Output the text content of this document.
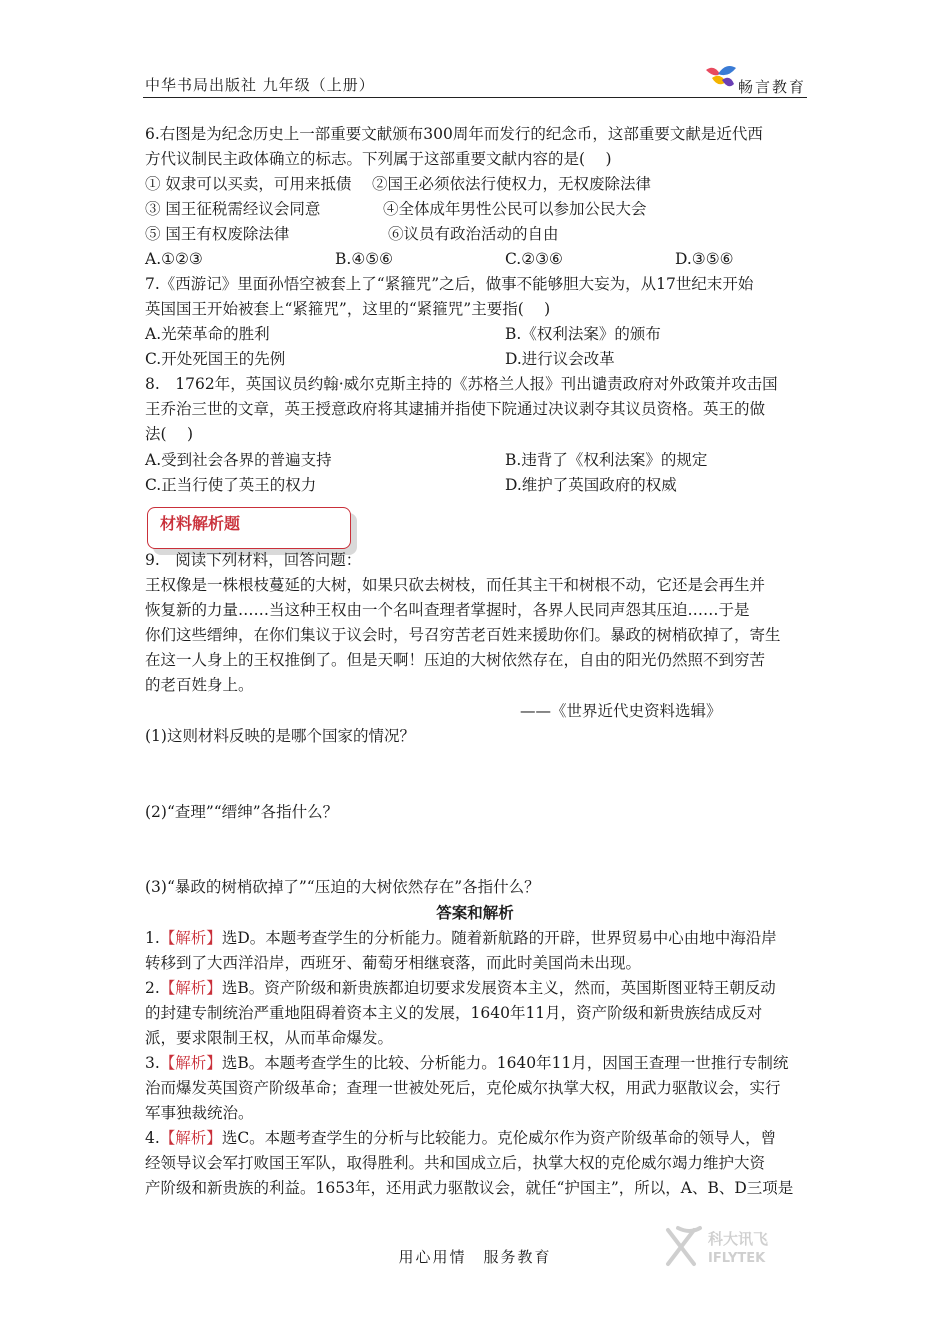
中华书局出版社 九年级（上册）	畅言教育
6.右图是为纪念历史上一部重要文献颁布300周年而发行的纪念币，这部重要文献是近代西
方代议制民主政体确立的标志。下列属于这部重要文献内容的是(　 )
① 奴隶可以买卖，可用来抵债 ②国王必须依法行使权力，无权废除法律
③ 国王征税需经议会同意	④全体成年男性公民可以参加公民大会
⑤ 国王有权废除法律	⑥议员有政治活动的自由
A.①②③	B.④⑤⑥	C.②③⑥	D.③⑤⑥
7.《西游记》里面孙悟空被套上了“紧箍咒”之后，做事不能够胆大妄为，从17世纪末开始
英国国王开始被套上“紧箍咒”，这里的“紧箍咒”主要指(　 )
A.光荣革命的胜利	B.《权利法案》的颁布
C.开处死国王的先例	D.进行议会改革
8.　1762年，英国议员约翰·威尔克斯主持的《苏格兰人报》刊出谴责政府对外政策并攻击国
王乔治三世的文章，英王授意政府将其逮捕并指使下院通过决议剥夺其议员资格。英王的做
法(　 )
A.受到社会各界的普遍支持	B.违背了《权利法案》的规定
C.正当行使了英王的权力	D.维护了英国政府的权威
材料解析题
9.　阅读下列材料，回答问题：
王权像是一株根枝蔓延的大树，如果只砍去树枝，而任其主干和树根不动，它还是会再生并
恢复新的力量……当这种王权由一个名叫查理者掌握时，各界人民同声怨其压迫……于是
你们这些缙绅，在你们集议于议会时，号召穷苦老百姓来援助你们。暴政的树梢砍掉了，寄生
在这一人身上的王权推倒了。但是天啊！压迫的大树依然存在，自由的阳光仍然照不到穷苦
的老百姓身上。
——《世界近代史资料选辑》
(1)这则材料反映的是哪个国家的情况？
(2)“查理”“缙绅”各指什么？
(3)“暴政的树梢砍掉了”“压迫的大树依然存在”各指什么？
答案和解析
1.【解析】选D。本题考查学生的分析能力。随着新航路的开辟，世界贸易中心由地中海沿岸
转移到了大西洋沿岸，西班牙、葡萄牙相继衰落，而此时美国尚未出现。
2.【解析】选B。资产阶级和新贵族都迫切要求发展资本主义，然而，英国斯图亚特王朝反动
的封建专制统治严重地阻碍着资本主义的发展，1640年11月，资产阶级和新贵族结成反对
派，要求限制王权，从而革命爆发。
3.【解析】选B。本题考查学生的比较、分析能力。1640年11月，因国王查理一世推行专制统
治而爆发英国资产阶级革命；查理一世被处死后，克伦威尔执掌大权，用武力驱散议会，实行
军事独裁统治。
4.【解析】选C。本题考查学生的分析与比较能力。克伦威尔作为资产阶级革命的领导人，曾
经领导议会军打败国王军队，取得胜利。共和国成立后，执掌大权的克伦威尔竭力维护大资
产阶级和新贵族的利益。1653年，还用武力驱散议会，就任“护国主”，所以，A、B、D三项是
用心用情　服务教育
科大讯飞
IFLYTEK
